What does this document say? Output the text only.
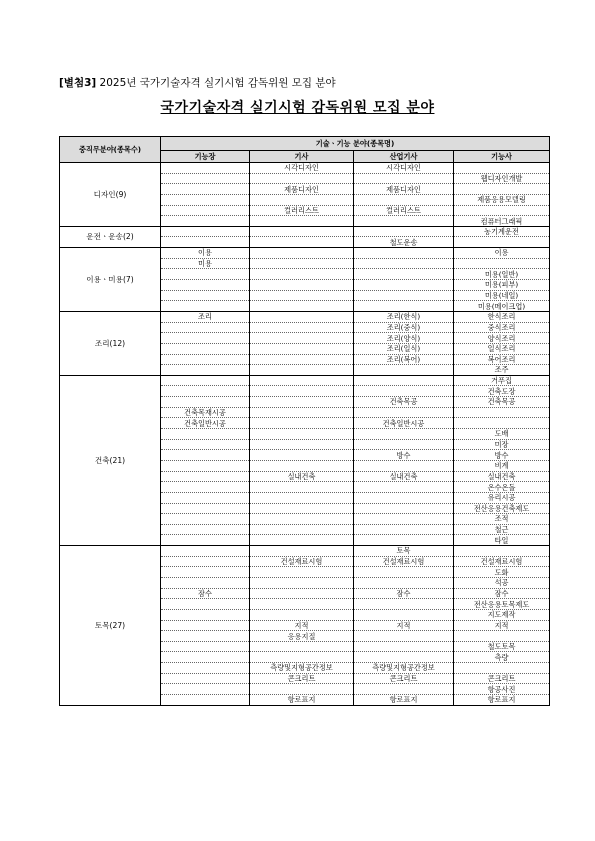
[별첨3] 2025년 국가기술자격 실기시험 감독위원 모집 분야
국가기술자격 실기시험 감독위원 모집 분야
중직무분야(종목수)	기술ㆍ기능 분야(종목명)			
	기능장	기사	산업기사	기능사
디자인(9)		시각디자인	시각디자인	
				웹디자인개발
		제품디자인	제품디자인	
				제품응용모델링
		컬러리스트	컬러리스트	
				컴퓨터그래픽
운전ㆍ운송(2)				농기계운전
			철도운송	
이용ㆍ미용(7)	이용			이용
	미용			
				미용(일반)
				미용(피부)
				미용(네일)
				미용(메이크업)
조리(12)	조리		조리(한식)	한식조리
			조리(중식)	중식조리
			조리(양식)	양식조리
			조리(일식)	일식조리
			조리(복어)	복어조리
				조주
건축(21)				거푸집
				건축도장
			건축목공	건축목공
	건축목재시공			
	건축일반시공		건축일반시공	
				도배
				미장
			방수	방수
				비계
		실내건축	실내건축	실내건축
				온수온돌
				유리시공
				전산응용건축제도
				조적
				철근
				타일
토목(27)			토목	
		건설재료시험	건설재료시험	건설재료시험
				도화
				석공
	잠수		잠수	잠수
				전산응용토목제도
				지도제작
		지적	지적	지적
		응용지질		
				철도토목
				측량
		측량및지형공간정보	측량및지형공간정보	
		콘크리트	콘크리트	콘크리트
				항공사진
		항로표지	항로표지	항로표지
